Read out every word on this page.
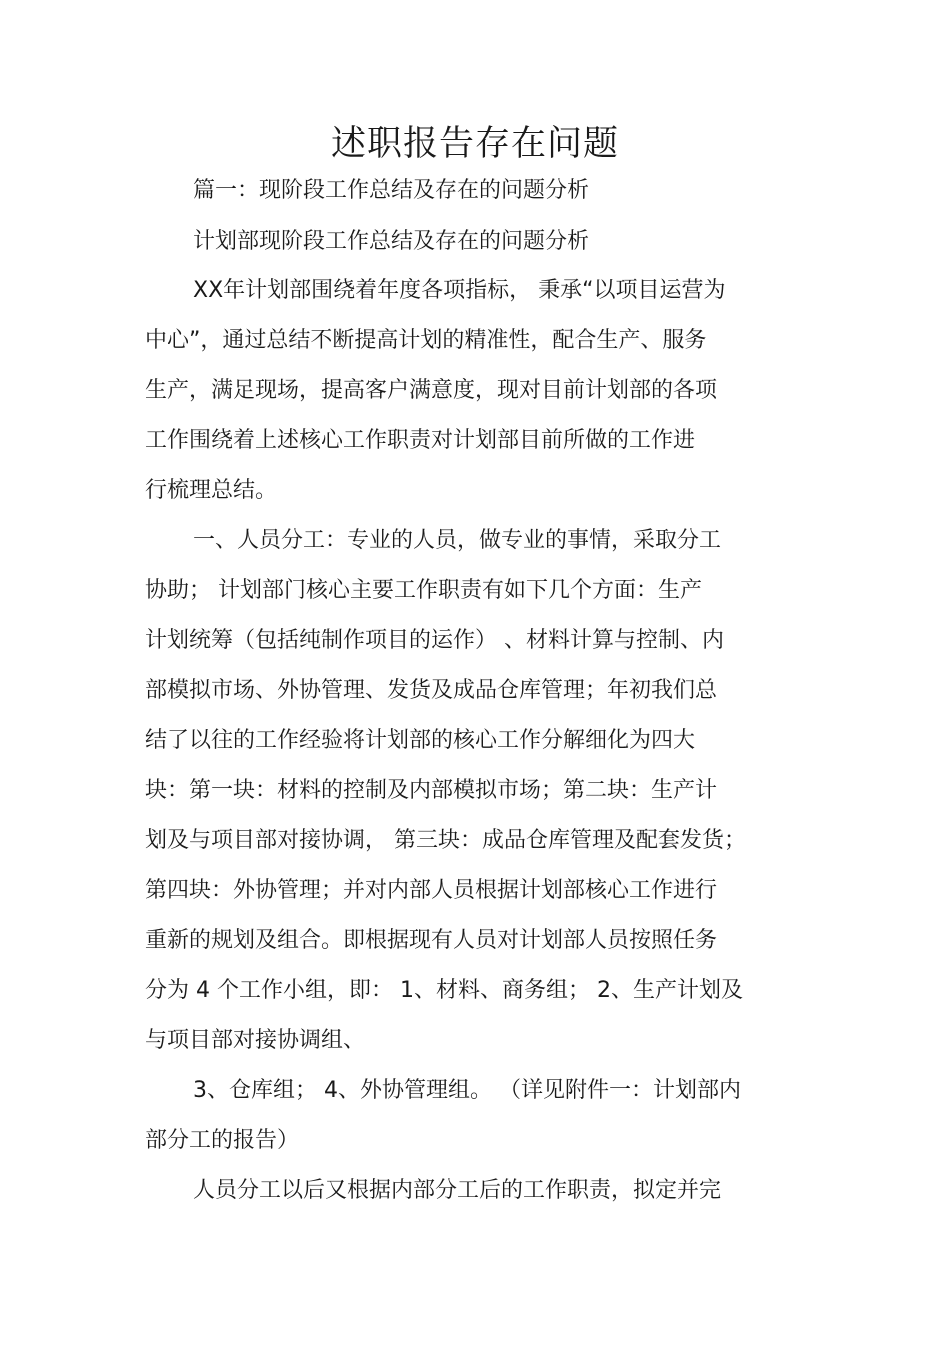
述职报告存在问题

篇一：现阶段工作总结及存在的问题分析

计划部现阶段工作总结及存在的问题分析

XX年计划部围绕着年度各项指标， 秉承“以项目运营为

中心”，通过总结不断提高计划的精准性，配合生产、服务

生产，满足现场，提高客户满意度，现对目前计划部的各项

工作围绕着上述核心工作职责对计划部目前所做的工作进

行梳理总结。

一、人员分工：专业的人员，做专业的事情，采取分工

协助； 计划部门核心主要工作职责有如下几个方面：生产

计划统筹（包括纯制作项目的运作） 、材料计算与控制、内

部模拟市场、外协管理、发货及成品仓库管理；年初我们总

结了以往的工作经验将计划部的核心工作分解细化为四大

块：第一块：材料的控制及内部模拟市场；第二块：生产计

划及与项目部对接协调， 第三块：成品仓库管理及配套发货；

第四块：外协管理；并对内部人员根据计划部核心工作进行

重新的规划及组合。即根据现有人员对计划部人员按照任务

分为 4 个工作小组，即： 1、材料、商务组； 2、生产计划及

与项目部对接协调组、

3、仓库组； 4、外协管理组。 （详见附件一：计划部内

部分工的报告）

人员分工以后又根据内部分工后的工作职责，拟定并完
